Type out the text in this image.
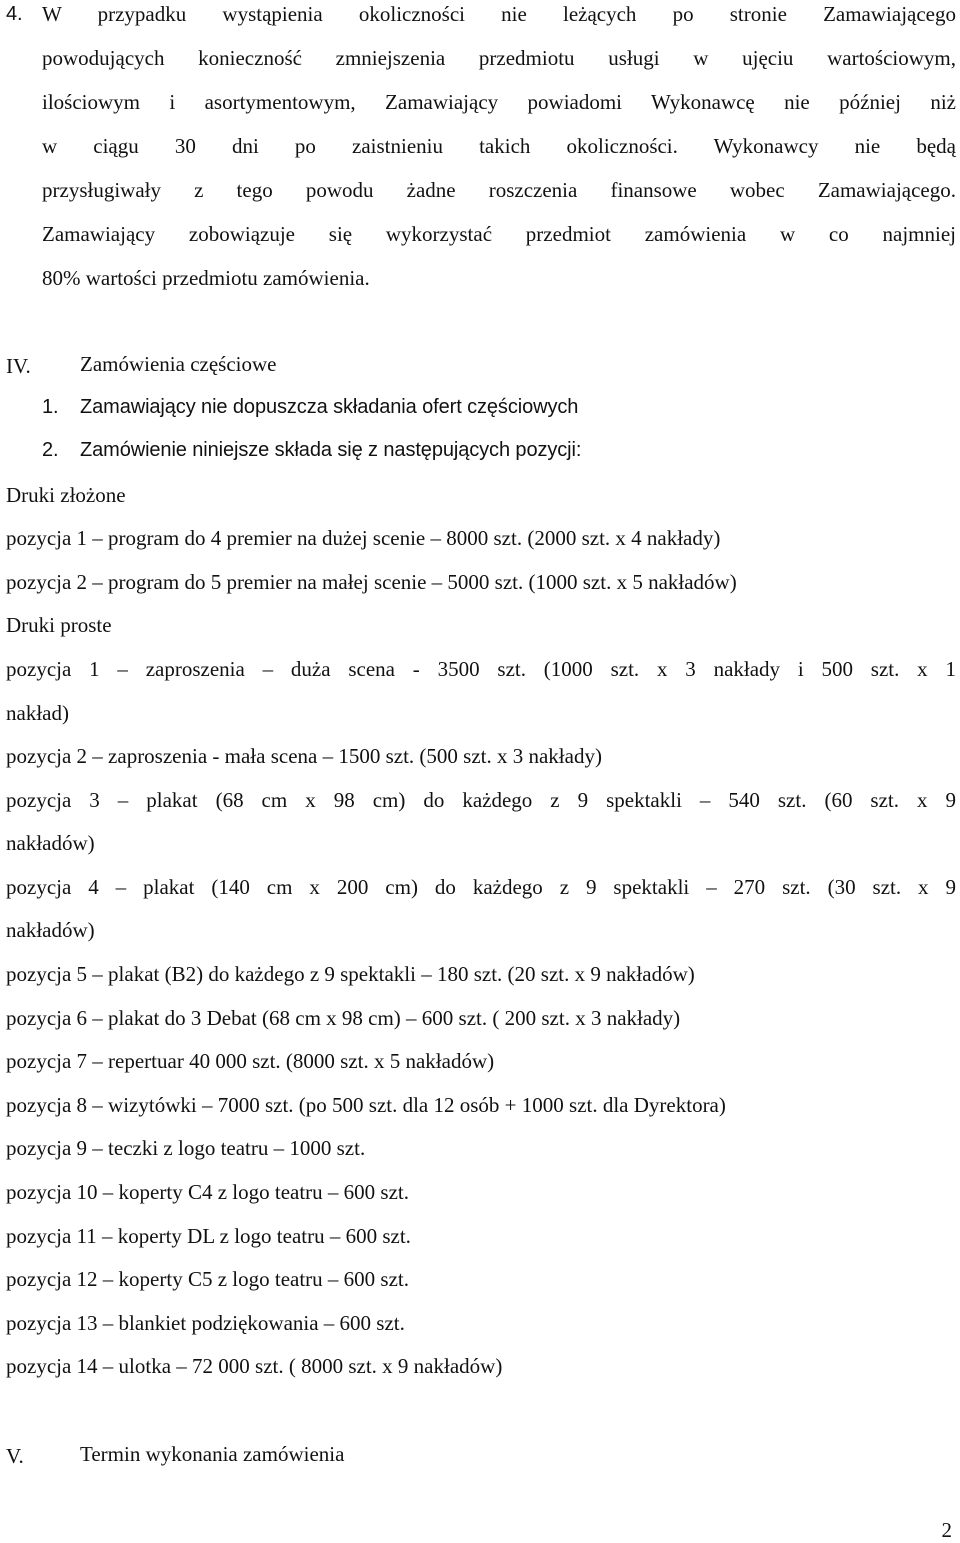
4. W przypadku wystąpienia okoliczności nie leżących po stronie Zamawiającego
powodujących konieczność zmniejszenia przedmiotu usługi w ujęciu wartościowym,
ilościowym i asortymentowym, Zamawiający powiadomi Wykonawcę nie później niż
w ciągu 30 dni po zaistnieniu takich okoliczności. Wykonawcy nie będą
przysługiwały z tego powodu żadne roszczenia finansowe wobec Zamawiającego.
Zamawiający zobowiązuje się wykorzystać przedmiot zamówienia w co najmniej
80% wartości przedmiotu zamówienia.
IV. Zamówienia częściowe
1. Zamawiający nie dopuszcza składania ofert częściowych
2. Zamówienie niniejsze składa się z następujących pozycji:
Druki złożone
pozycja 1 – program do 4 premier na dużej scenie – 8000 szt. (2000 szt. x 4 nakłady)
pozycja 2 – program do 5 premier na małej scenie – 5000 szt. (1000 szt. x 5 nakładów)
Druki proste
pozycja 1 – zaproszenia – duża scena - 3500 szt. (1000 szt. x 3 nakłady i 500 szt. x 1
nakład)
pozycja 2 – zaproszenia - mała scena – 1500 szt. (500 szt. x 3 nakłady)
pozycja 3 – plakat (68 cm x 98 cm) do każdego z 9 spektakli – 540 szt. (60 szt. x 9
nakładów)
pozycja 4 – plakat (140 cm x 200 cm) do każdego z 9 spektakli – 270 szt. (30 szt. x 9
nakładów)
pozycja 5 – plakat (B2) do każdego z 9 spektakli – 180 szt. (20 szt. x 9 nakładów)
pozycja 6 – plakat do 3 Debat (68 cm x 98 cm) – 600 szt. ( 200 szt. x 3 nakłady)
pozycja 7 – repertuar 40 000 szt. (8000 szt. x 5 nakładów)
pozycja 8 – wizytówki – 7000 szt. (po 500 szt. dla 12 osób + 1000 szt. dla Dyrektora)
pozycja 9 – teczki z logo teatru – 1000 szt.
pozycja 10 – koperty C4 z logo teatru – 600 szt.
pozycja 11 – koperty DL z logo teatru – 600 szt.
pozycja 12 – koperty C5 z logo teatru – 600 szt.
pozycja 13 – blankiet podziękowania – 600 szt.
pozycja 14 – ulotka – 72 000 szt. ( 8000 szt. x 9 nakładów)
V.	Termin wykonania zamówienia
2
